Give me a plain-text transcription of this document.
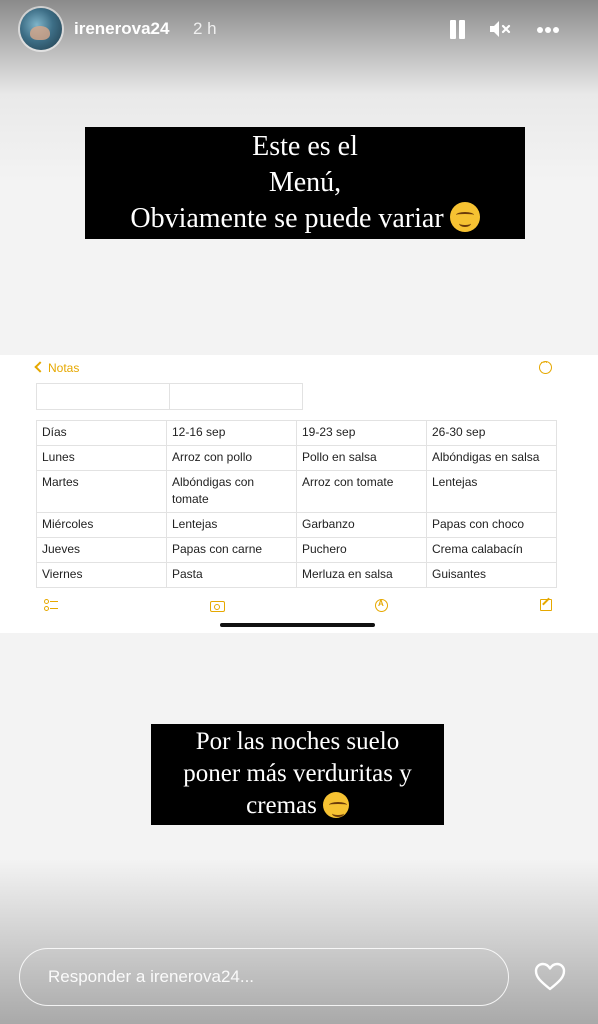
irenerova24 2 h
Este es el
Menú,
Obviamente se puede variar
Notas
···

Días	12-16 sep	19-23 sep	26-30 sep
Lunes	Arroz con pollo	Pollo en salsa	Albóndigas en salsa
Martes	Albóndigas con tomate	Arroz con tomate	Lentejas
Miércoles	Lentejas	Garbanzo	Papas con choco
Jueves	Papas con carne	Puchero	Crema calabacín
Viernes	Pasta	Merluza en salsa	Guisantes
A
Por las noches suelo
poner más verduritas y
cremas
Responder a irenerova24...
